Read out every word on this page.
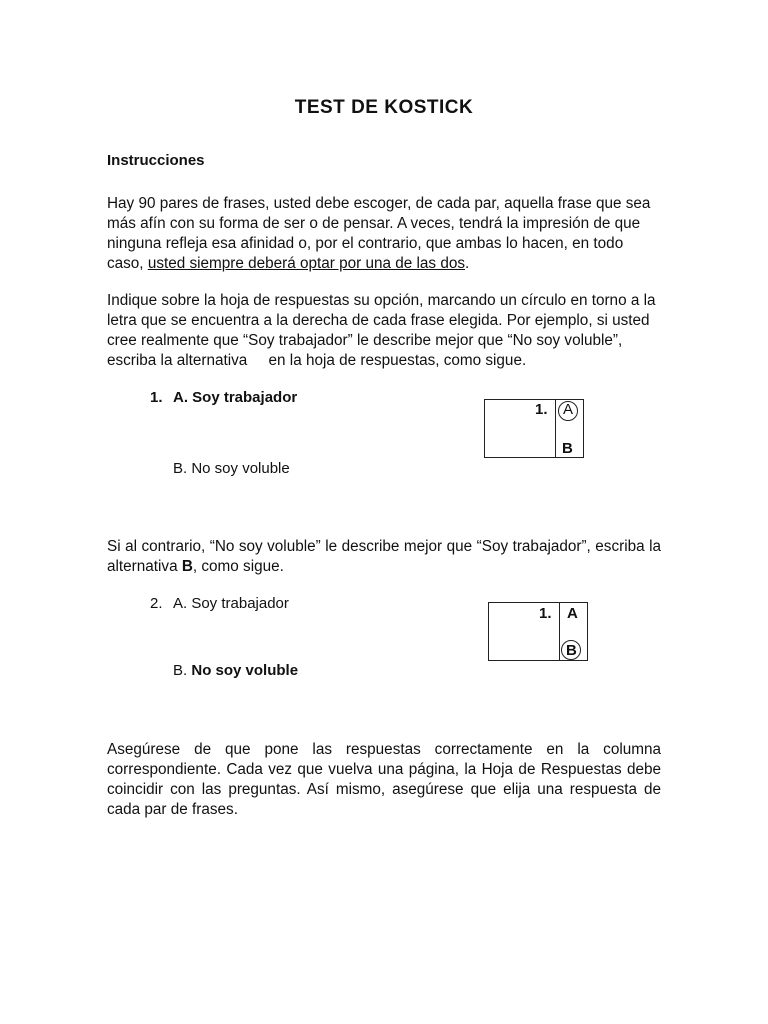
TEST DE KOSTICK
Instrucciones
Hay 90 pares de frases, usted debe escoger, de cada par, aquella frase que sea más afín con su forma de ser o de pensar. A veces, tendrá la impresión de que ninguna refleja esa afinidad o, por el contrario, que ambas lo hacen, en todo caso, usted siempre deberá optar por una de las dos.
Indique sobre la hoja de respuestas su opción, marcando un círculo en torno a la letra que se encuentra a la derecha de cada frase elegida. Por ejemplo, si usted cree realmente que “Soy trabajador” le describe mejor que “No soy voluble”, escriba la alternativa     en la hoja de respuestas, como sigue.
1. A. Soy trabajador
B. No soy voluble
1. A
B
Si al contrario, “No soy voluble” le describe mejor que “Soy trabajador”, escriba la alternativa B, como sigue.
2. A. Soy trabajador
B. No soy voluble
1. A
B
Asegúrese de que pone las respuestas correctamente en la columna correspondiente. Cada vez que vuelva una página, la Hoja de Respuestas debe coincidir con las preguntas. Así mismo, asegúrese que elija una respuesta de cada par de frases.
